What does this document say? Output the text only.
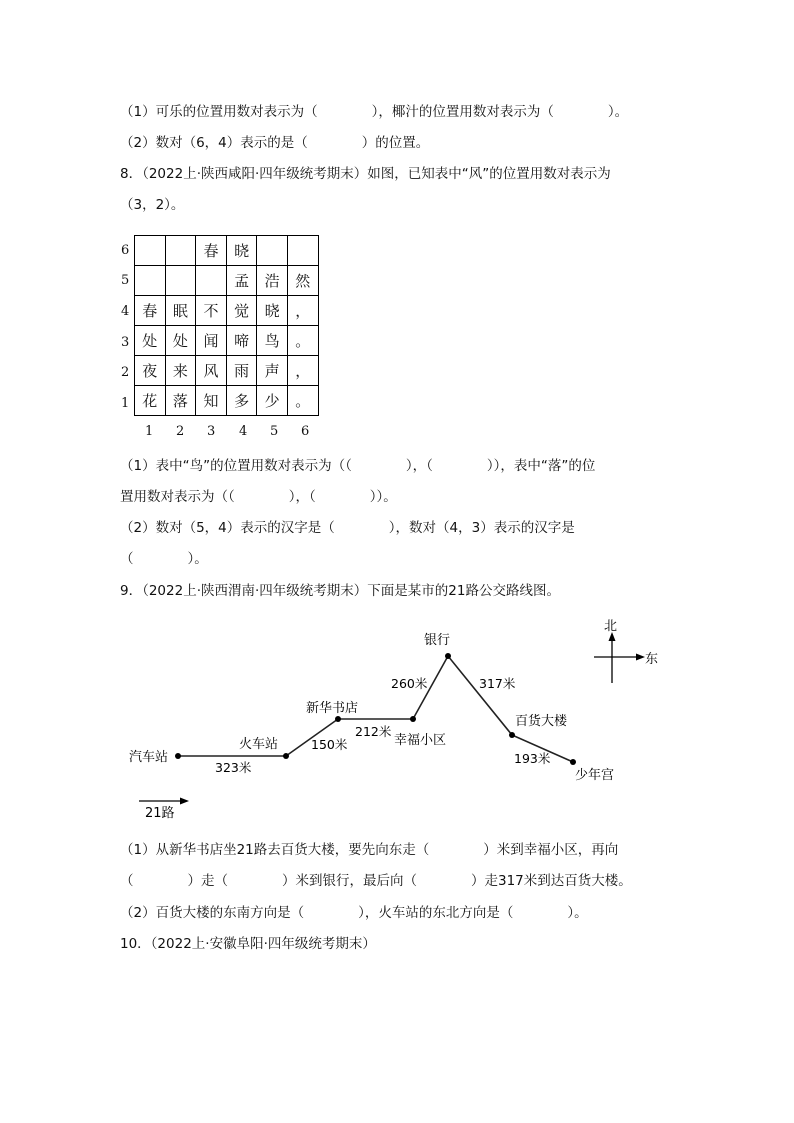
（1）可乐的位置用数对表示为（　　　　），椰汁的位置用数对表示为（　　　　）。
（2）数对（6，4）表示的是（　　　　）的位置。
8．（2022上·陕西咸阳·四年级统考期末）如图，已知表中“风”的位置用数对表示为
（3，2）。
6
5
4
3
2
1
		春	晓		
			孟	浩	然
春	眠	不	觉	晓	，
处	处	闻	啼	鸟	。
夜	来	风	雨	声	，
花	落	知	多	少	。
1 2 3 4 5 6
（1）表中“鸟”的位置用数对表示为（（　　　　），（　　　　）），表中“落”的位
置用数对表示为（（　　　　），（　　　　））。
（2）数对（5，4）表示的汉字是（　　　　），数对（4，3）表示的汉字是
（　　　　）。
9．（2022上·陕西渭南·四年级统考期末）下面是某市的21路公交路线图。
汽车站
火车站
新华书店
幸福小区
银行
百货大楼
少年宫
323米
150米
212米
260米	317米
193米
北
东
21路
（1）从新华书店坐21路去百货大楼，要先向东走（　　　　）米到幸福小区，再向
（　　　　）走（　　　　）米到银行，最后向（　　　　）走317米到达百货大楼。
（2）百货大楼的东南方向是（　　　　），火车站的东北方向是（　　　　）。
10．（2022上·安徽阜阳·四年级统考期末）
